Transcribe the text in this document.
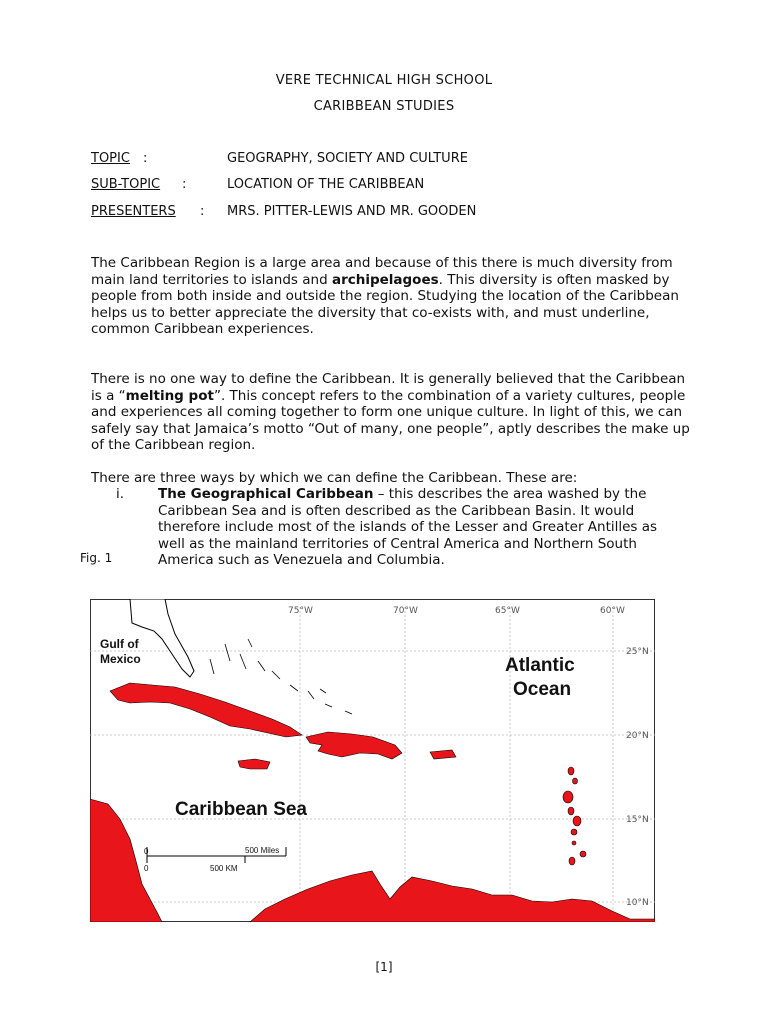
VERE TECHNICAL HIGH SCHOOL
CARIBBEAN STUDIES
TOPIC :	GEOGRAPHY, SOCIETY AND CULTURE
SUB-TOPIC :	LOCATION OF THE CARIBBEAN
PRESENTERS : MRS. PITTER-LEWIS AND MR. GOODEN
The Caribbean Region is a large area and because of this there is much diversity from main land territories to islands and archipelagoes. This diversity is often masked by people from both inside and outside the region. Studying the location of the Caribbean helps us to better appreciate the diversity that co-exists with, and must underline, common Caribbean experiences.
There is no one way to define the Caribbean. It is generally believed that the Caribbean is a “melting pot”. This concept refers to the combination of a variety cultures, people and experiences all coming together to form one unique culture. In light of this, we can safely say that Jamaica’s motto “Out of many, one people”, aptly describes the make up of the Caribbean region.
There are three ways by which we can define the Caribbean. These are:
i.	The Geographical Caribbean – this describes the area washed by the Caribbean Sea and is often described as the Caribbean Basin. It would therefore include most of the islands of the Lesser and Greater Antilles as well as the mainland territories of Central America and Northern South America such as Venezuela and Columbia.
Fig. 1
75°W	70°W	65°W	60°W
25°N
20°N
15°N
10°N
Gulf of
Mexico	Atlantic
Ocean
Caribbean Sea
0	500 Miles
0	500 KM
[1]
